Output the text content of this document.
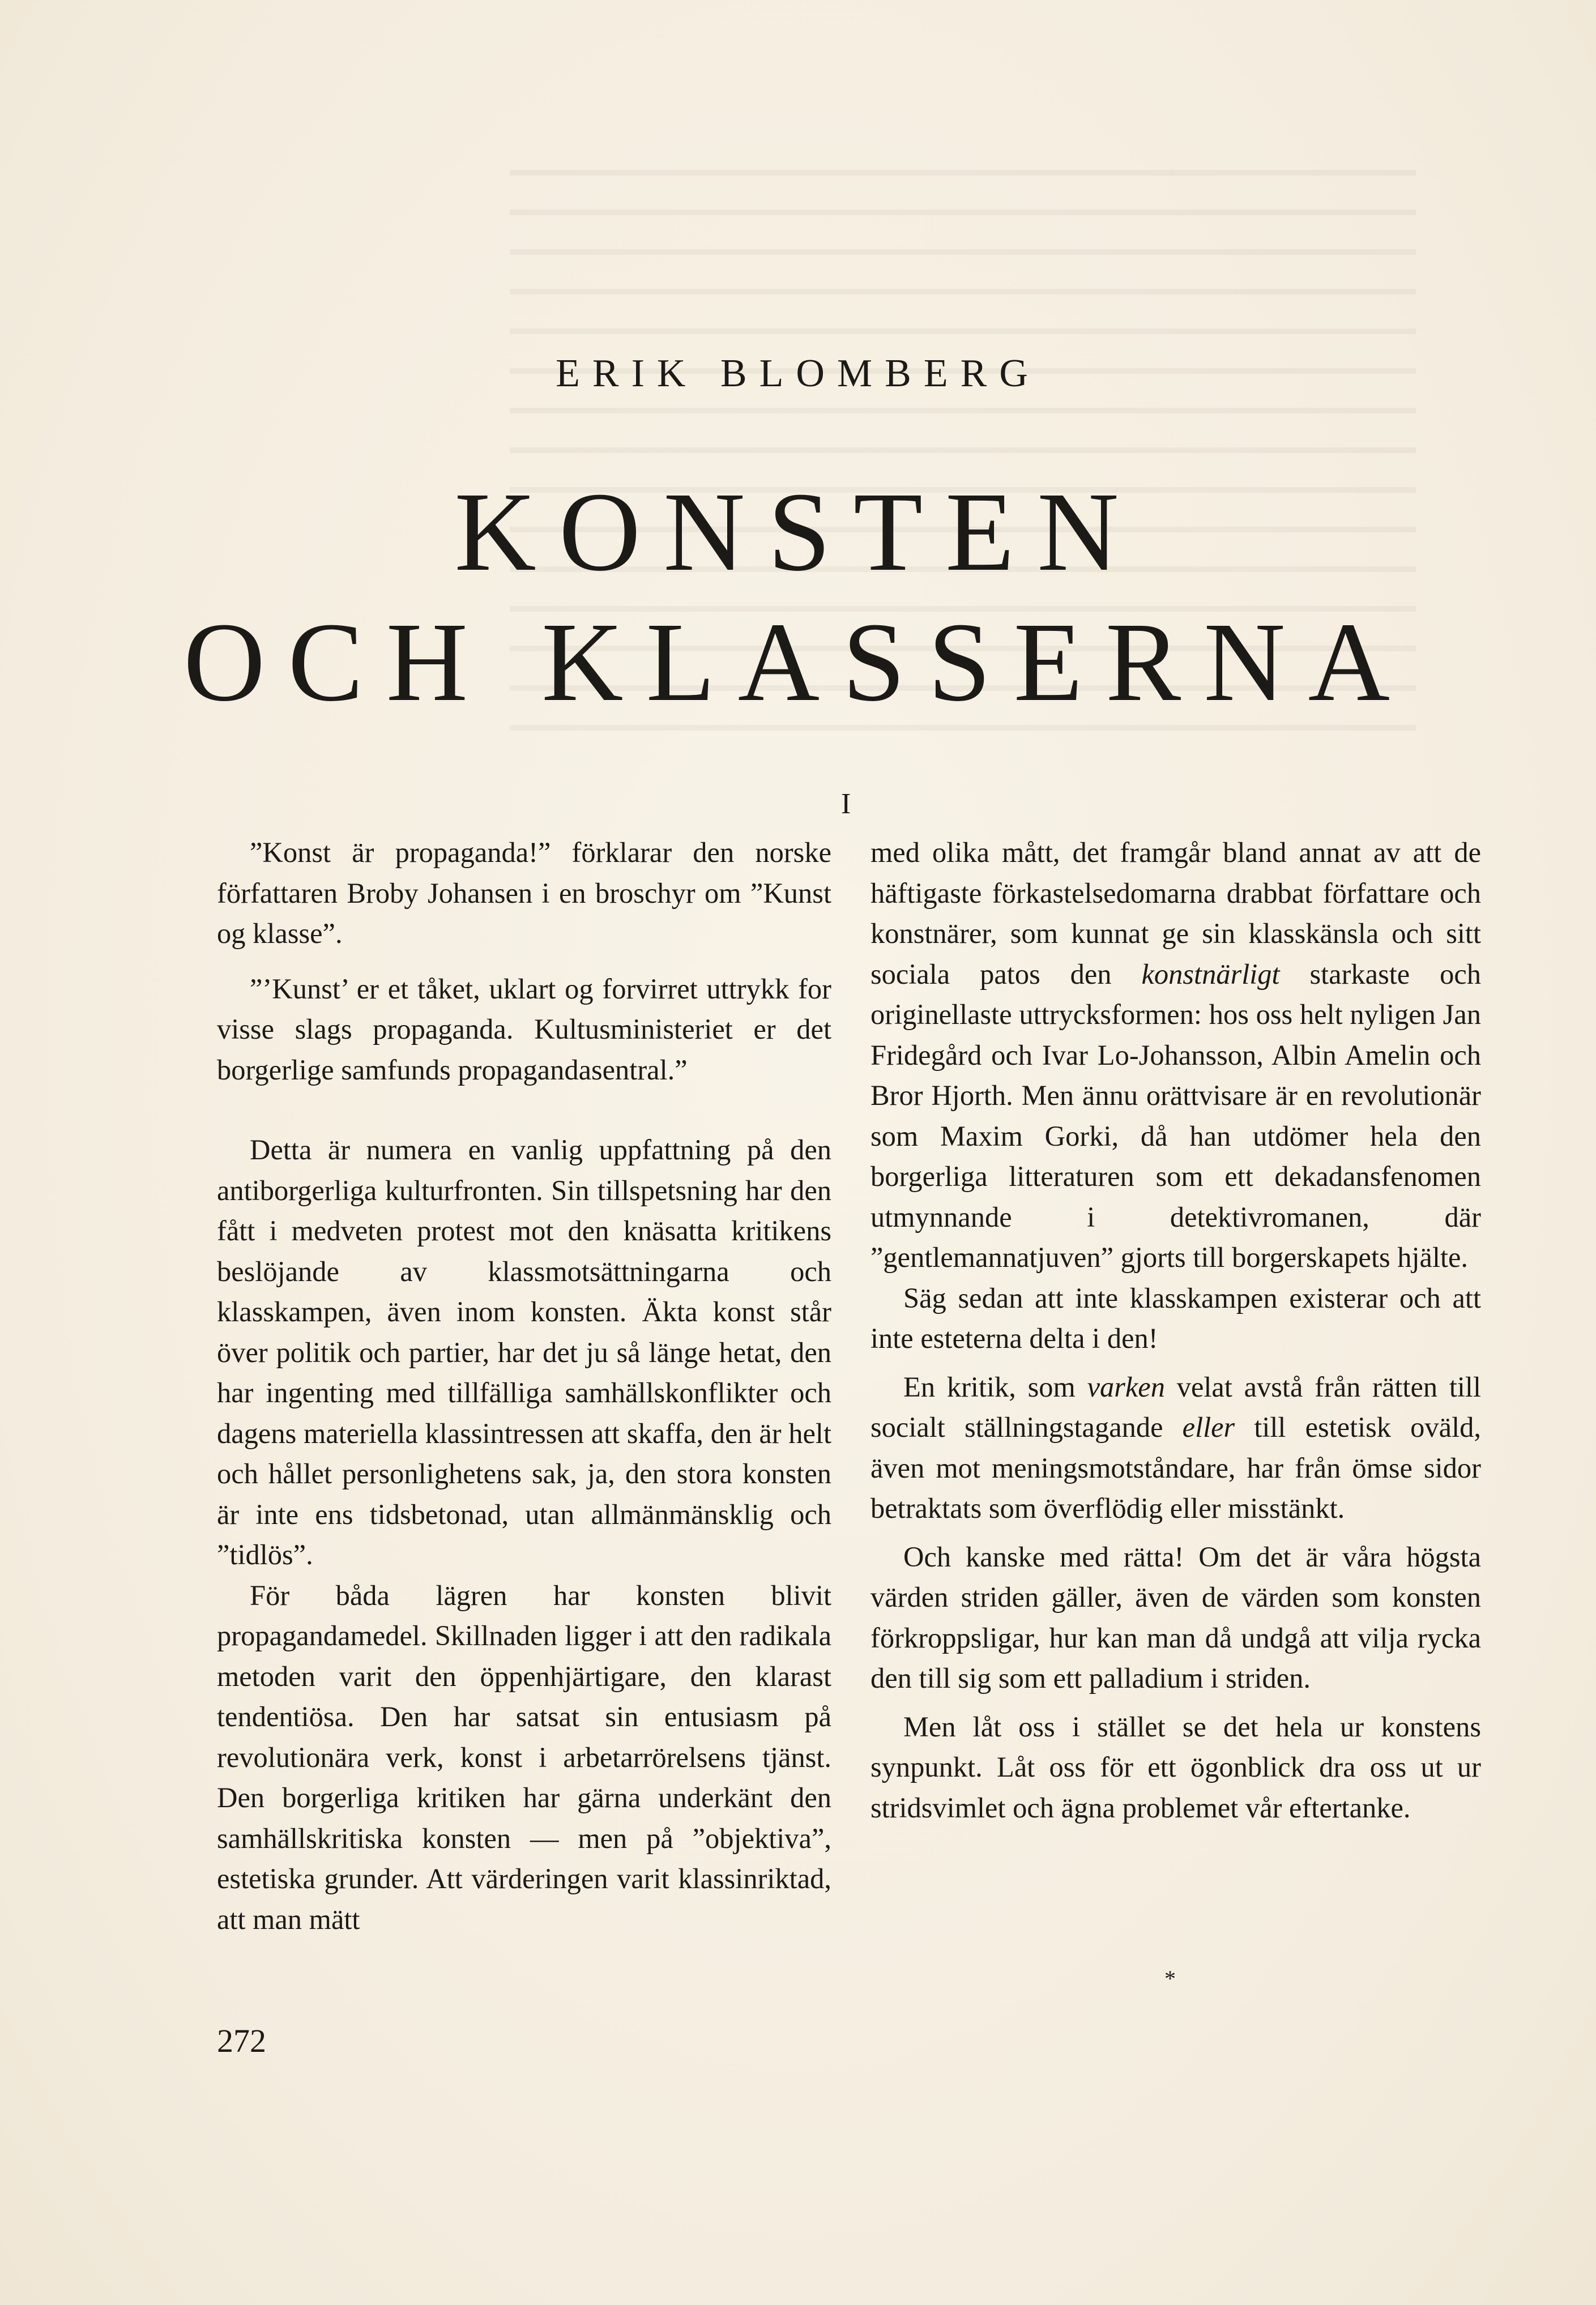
ERIK BLOMBERG
KONSTEN
OCH KLASSERNA
I

”Konst är propaganda!” förklarar den norske författaren Broby Johansen i en broschyr om ”Kunst og klasse”.

”’Kunst’ er et tåket, uklart og forvirret uttrykk for visse slags propaganda. Kultusministeriet er det borgerlige samfunds propagandasentral.”

Detta är numera en vanlig uppfattning på den antiborgerliga kulturfronten. Sin tillspetsning har den fått i medveten protest mot den knäsatta kritikens beslöjande av klassmotsättningarna och klasskampen, även inom konsten. Äkta konst står över politik och partier, har det ju så länge hetat, den har ingenting med tillfälliga samhällskonflikter och dagens materiella klassintressen att skaffa, den är helt och hållet personlighetens sak, ja, den stora konsten är inte ens tidsbetonad, utan allmänmänsklig och ”tidlös”.

För båda lägren har konsten blivit propagandamedel. Skillnaden ligger i att den radikala metoden varit den öppenhjärtigare, den klarast tendentiösa. Den har satsat sin entusiasm på revolutionära verk, konst i arbetarrörelsens tjänst. Den borgerliga kritiken har gärna underkänt den samhällskritiska konsten — men på ”objektiva”, estetiska grunder. Att värderingen varit klassinriktad, att man mätt

med olika mått, det framgår bland annat av att de häftigaste förkastelsedomarna drabbat författare och konstnärer, som kunnat ge sin klasskänsla och sitt sociala patos den konstnärligt starkaste och originellaste uttrycksformen: hos oss helt nyligen Jan Fridegård och Ivar Lo-Johansson, Albin Amelin och Bror Hjorth. Men ännu orättvisare är en revolutionär som Maxim Gorki, då han utdömer hela den borgerliga litteraturen som ett dekadansfenomen utmynnande i detektivromanen, där ”gentlemannatjuven” gjorts till borgerskapets hjälte.

Säg sedan att inte klasskampen existerar och att inte esteterna delta i den!

En kritik, som varken velat avstå från rätten till socialt ställningstagande eller till estetisk oväld, även mot meningsmotståndare, har från ömse sidor betraktats som överflödig eller misstänkt.

Och kanske med rätta! Om det är våra högsta värden striden gäller, även de värden som konsten förkroppsligar, hur kan man då undgå att vilja rycka den till sig som ett palladium i striden.

Men låt oss i stället se det hela ur konstens synpunkt. Låt oss för ett ögonblick dra oss ut ur stridsvimlet och ägna problemet vår eftertanke.

*
272
